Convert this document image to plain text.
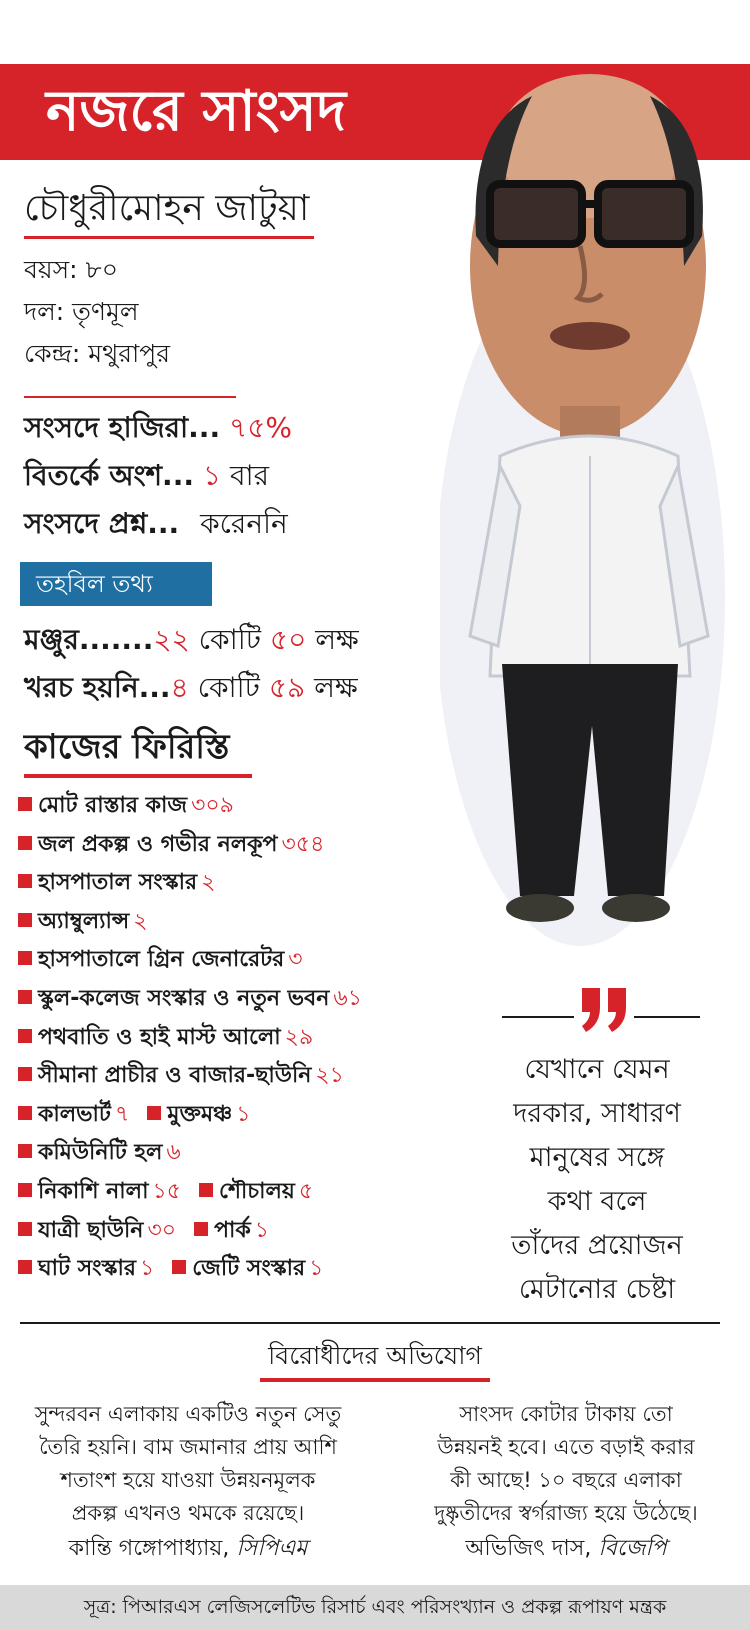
নজরে সাংসদ
চৌধুরীমোহন জাটুয়া
বয়স: ৮০
দল: তৃণমূল
কেন্দ্র: মথুরাপুর
সংসদে হাজিরা... ৭৫%
বিতর্কে অংশ... ১ বার
সংসদে প্রশ্ন... করেননি
তহবিল তথ্য
মঞ্জুর.......২২ কোটি ৫০ লক্ষ
খরচ হয়নি...৪ কোটি ৫৯ লক্ষ
কাজের ফিরিস্তি
মোট রাস্তার কাজ ৩০৯
জল প্রকল্প ও গভীর নলকূপ ৩৫৪
হাসপাতাল সংস্কার ২
অ্যাম্বুল্যান্স ২
হাসপাতালে গ্রিন জেনারেটর ৩
স্কুল-কলেজ সংস্কার ও নতুন ভবন ৬১
পথবাতি ও হাই মাস্ট আলো ২৯
সীমানা প্রাচীর ও বাজার-ছাউনি ২১
কালভার্ট ৭ মুক্তমঞ্চ ১
কমিউনিটি হল ৬
নিকাশি নালা ১৫ শৌচালয় ৫
যাত্রী ছাউনি ৩০ পার্ক ১
ঘাট সংস্কার ১ জেটি সংস্কার ১
যেখানে যেমন
দরকার, সাধারণ
মানুষের সঙ্গে
কথা বলে
তাঁদের প্রয়োজন
মেটানোর চেষ্টা
বিরোধীদের অভিযোগ
সুন্দরবন এলাকায় একটিও নতুন সেতু
তৈরি হয়নি। বাম জমানার প্রায় আশি
শতাংশ হয়ে যাওয়া উন্নয়নমূলক
প্রকল্প এখনও থমকে রয়েছে।
কান্তি গঙ্গোপাধ্যায়, সিপিএম
সাংসদ কোটার টাকায় তো
উন্নয়নই হবে। এতে বড়াই করার
কী আছে! ১০ বছরে এলাকা
দুষ্কৃতীদের স্বর্গরাজ্য হয়ে উঠেছে।
অভিজিৎ দাস, বিজেপি
সূত্র: পিআরএস লেজিসলেটিভ রিসার্চ এবং পরিসংখ্যান ও প্রকল্প রূপায়ণ মন্ত্রক
